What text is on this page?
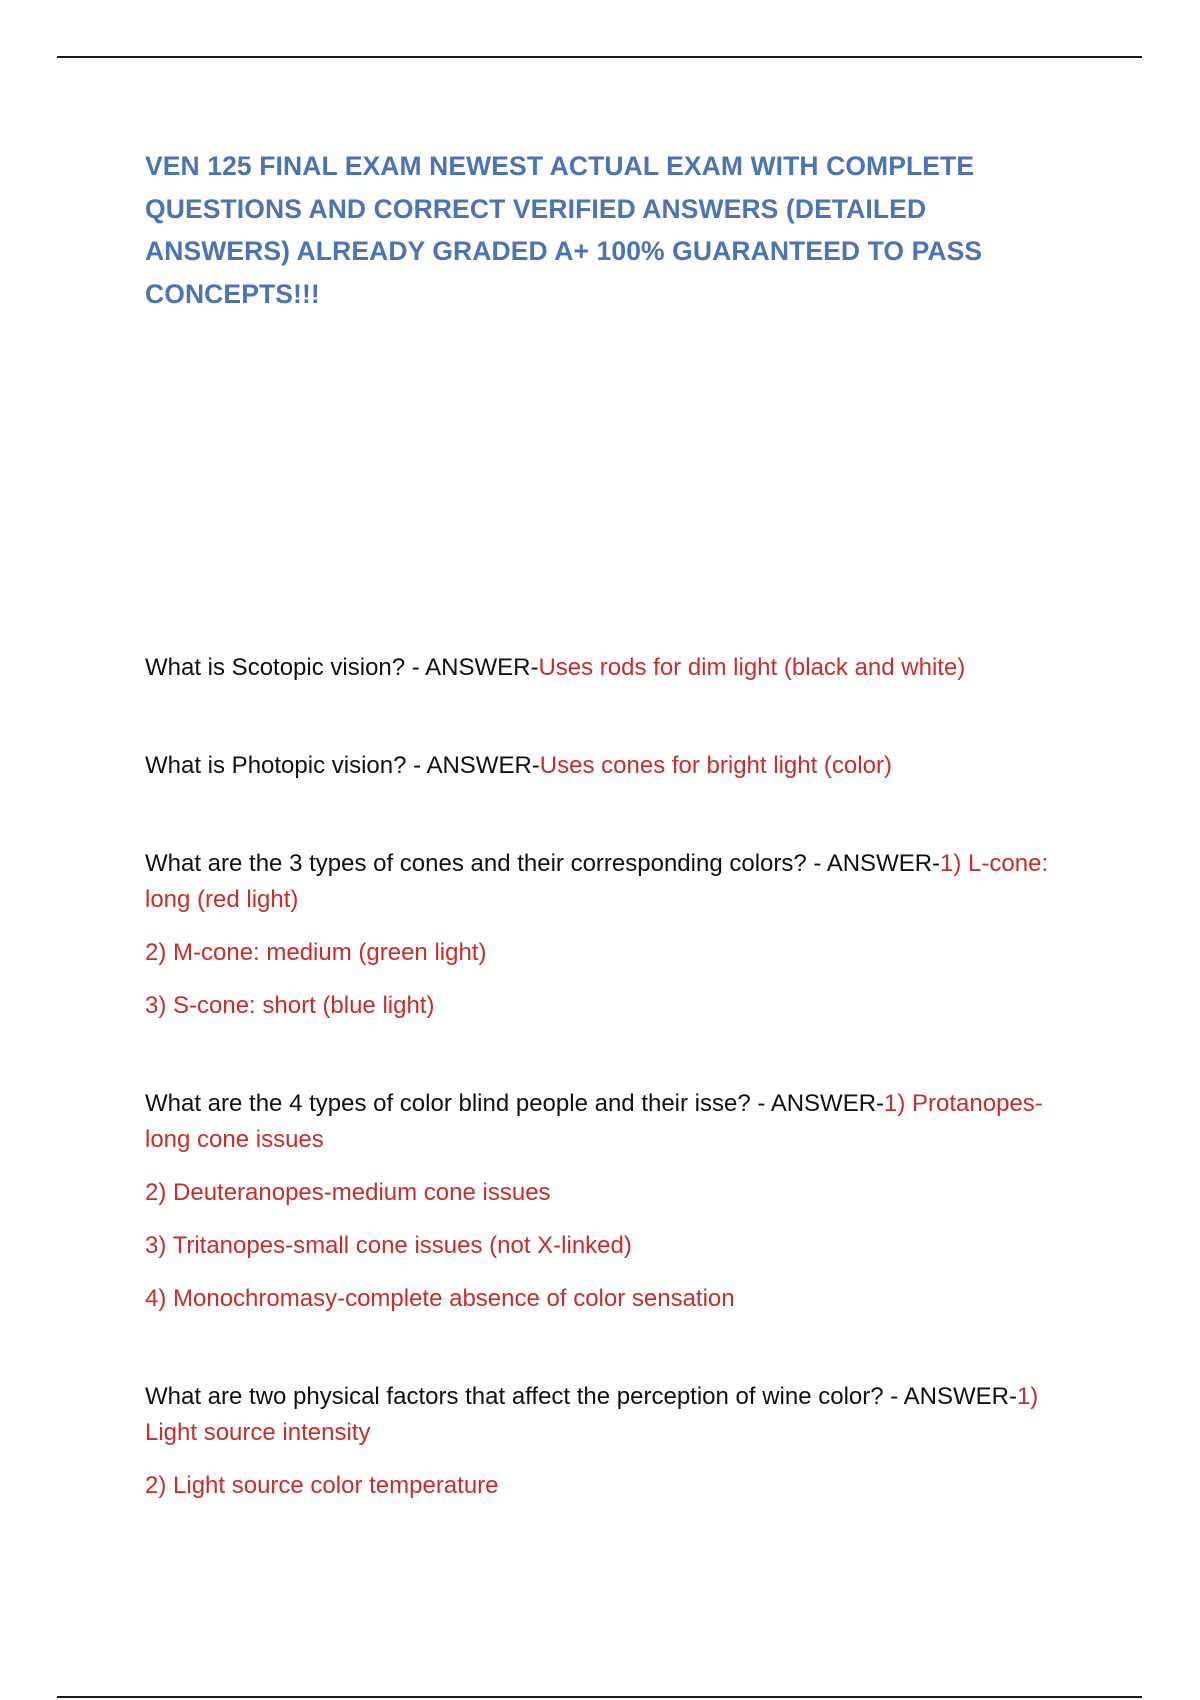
VEN 125 FINAL EXAM NEWEST ACTUAL EXAM WITH COMPLETE QUESTIONS AND CORRECT VERIFIED ANSWERS (DETAILED ANSWERS) ALREADY GRADED A+ 100% GUARANTEED TO PASS CONCEPTS!!!

What is Scotopic vision? - ANSWER-Uses rods for dim light (black and white)

What is Photopic vision? - ANSWER-Uses cones for bright light (color)

What are the 3 types of cones and their corresponding colors? - ANSWER-1) L-cone: long (red light)

2) M-cone: medium (green light)

3) S-cone: short (blue light)

What are the 4 types of color blind people and their isse? - ANSWER-1) Protanopes- long cone issues

2) Deuteranopes-medium cone issues

3) Tritanopes-small cone issues (not X-linked)

4) Monochromasy-complete absence of color sensation

What are two physical factors that affect the perception of wine color? - ANSWER-1) Light source intensity

2) Light source color temperature
